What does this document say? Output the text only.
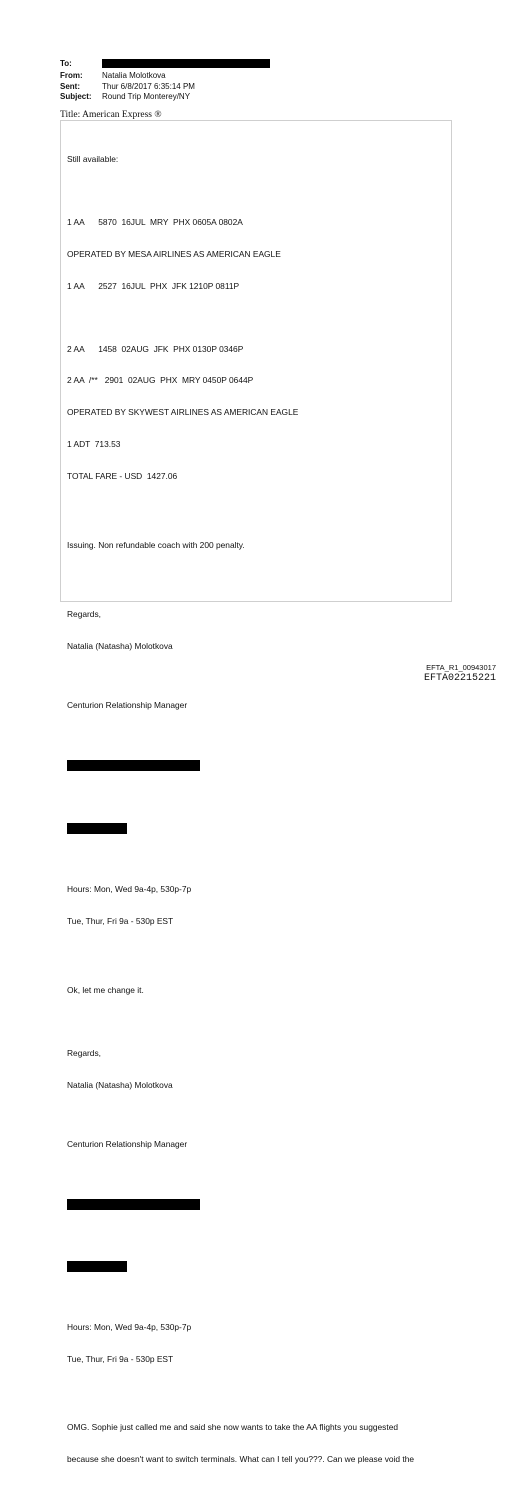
To:
From:	Natalia Molotkova
Sent:	Thur 6/8/2017 6:35:14 PM
Subject:	Round Trip Monterey/NY
Title: American Express ®

Still available:

1 AA      5870  16JUL  MRY  PHX 0605A 0802A

OPERATED BY MESA AIRLINES AS AMERICAN EAGLE

1 AA      2527  16JUL  PHX  JFK 1210P 0811P

2 AA      1458  02AUG  JFK  PHX 0130P 0346P

2 AA  /**   2901  02AUG  PHX  MRY 0450P 0644P

OPERATED BY SKYWEST AIRLINES AS AMERICAN EAGLE

1 ADT  713.53

TOTAL FARE - USD  1427.06

Issuing. Non refundable coach with 200 penalty.

Regards,

Natalia (Natasha) Molotkova

Centurion Relationship Manager

Hours: Mon, Wed 9a-4p, 530p-7p

Tue, Thur, Fri 9a - 530p EST

Ok, let me change it.

Regards,

Natalia (Natasha) Molotkova

Centurion Relationship Manager

Hours: Mon, Wed 9a-4p, 530p-7p

Tue, Thur, Fri 9a - 530p EST

OMG. Sophie just called me and said she now wants to take the AA flights you suggested

because she doesn't want to switch terminals. What can I tell you???. Can we please void the

EFTA_R1_00943017
EFTA02215221
